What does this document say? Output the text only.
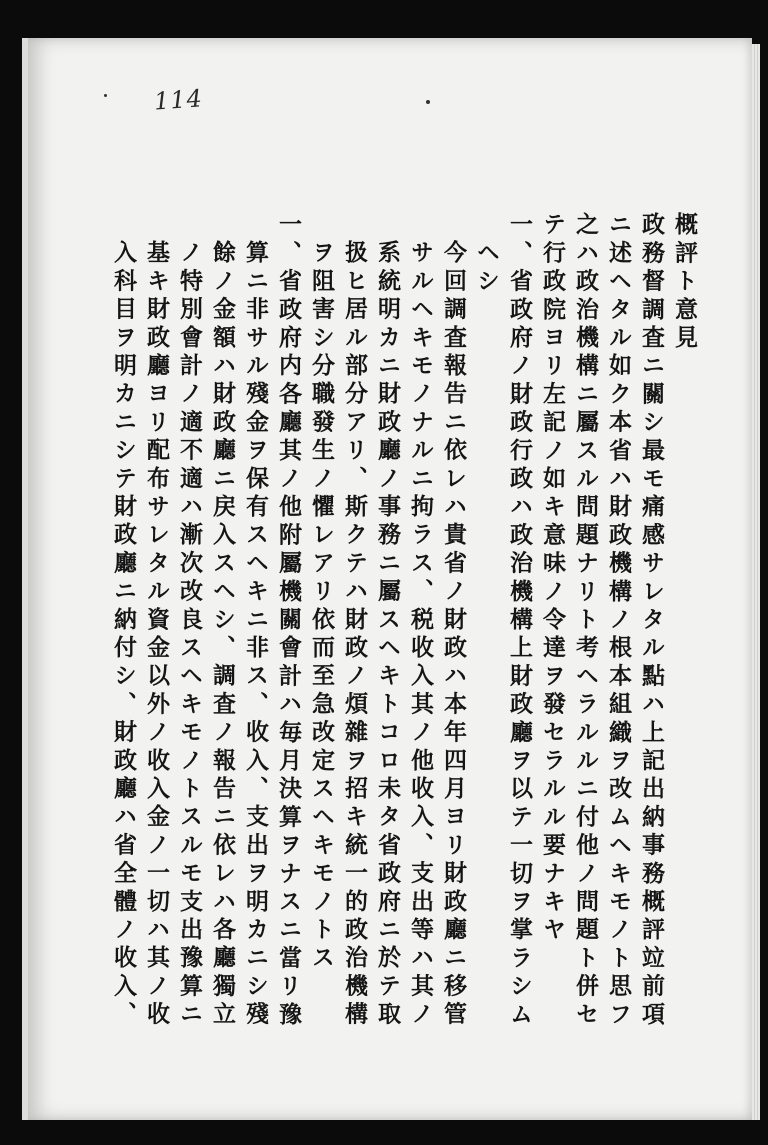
114
概評ト意見
政務督調査ニ關シ最モ痛感サレタル點ハ上記出納事務概評竝前項
ニ述ヘタル如ク本省ハ財政機構ノ根本組織ヲ改ムヘキモノト思フ
之ハ政治機構ニ屬スル問題ナリト考ヘラルルニ付他ノ問題ト併セ
テ行政院ヨリ左記ノ如キ意味ノ令達ヲ發セラルル要ナキヤ
一、省政府ノ財政行政ハ政治機構上財政廳ヲ以テ一切ヲ掌ラシム
ヘシ
今回調査報告ニ依レハ貴省ノ財政ハ本年四月ヨリ財政廳ニ移管
サルヘキモノナルニ拘ラス、税收入其ノ他收入、支出等ハ其ノ
系統明カニ財政廳ノ事務ニ屬スヘキトコロ未タ省政府ニ於テ取
扱ヒ居ル部分アリ、斯クテハ財政ノ煩雜ヲ招キ統一的政治機構
ヲ阻害シ分職發生ノ懼レアリ依而至急改定スヘキモノトス
一、省政府内各廳其ノ他附屬機關會計ハ毎月決算ヲナスニ當リ豫
算ニ非サル殘金ヲ保有スヘキニ非ス、收入、支出ヲ明カニシ殘
餘ノ金額ハ財政廳ニ戻入スヘシ、調査ノ報告ニ依レハ各廳獨立
ノ特別會計ノ適不適ハ漸次改良スヘキモノトスルモ支出豫算ニ
基キ財政廳ヨリ配布サレタル資金以外ノ收入金ノ一切ハ其ノ收
入科目ヲ明カニシテ財政廳ニ納付シ、財政廳ハ省全體ノ收入、
